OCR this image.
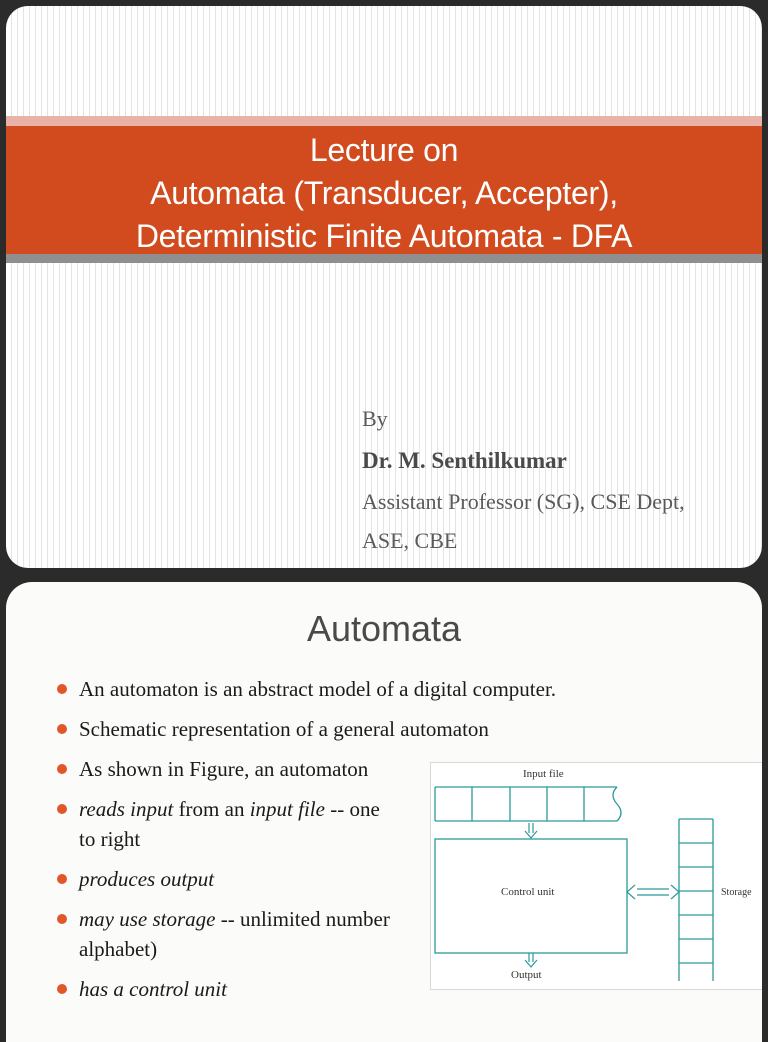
Lecture on
Automata (Transducer, Accepter),
Deterministic Finite Automata - DFA
By
Dr. M. Senthilkumar
Assistant Professor (SG), CSE Dept,
ASE, CBE
Automata
An automaton is an abstract model of a digital computer.
Schematic representation of a general automaton
As shown in Figure, an automaton
reads input from an input file -- one
to right
produces output
may use storage -- unlimited number
alphabet)
has a control unit
Input file
Control unit	Storage
Output
